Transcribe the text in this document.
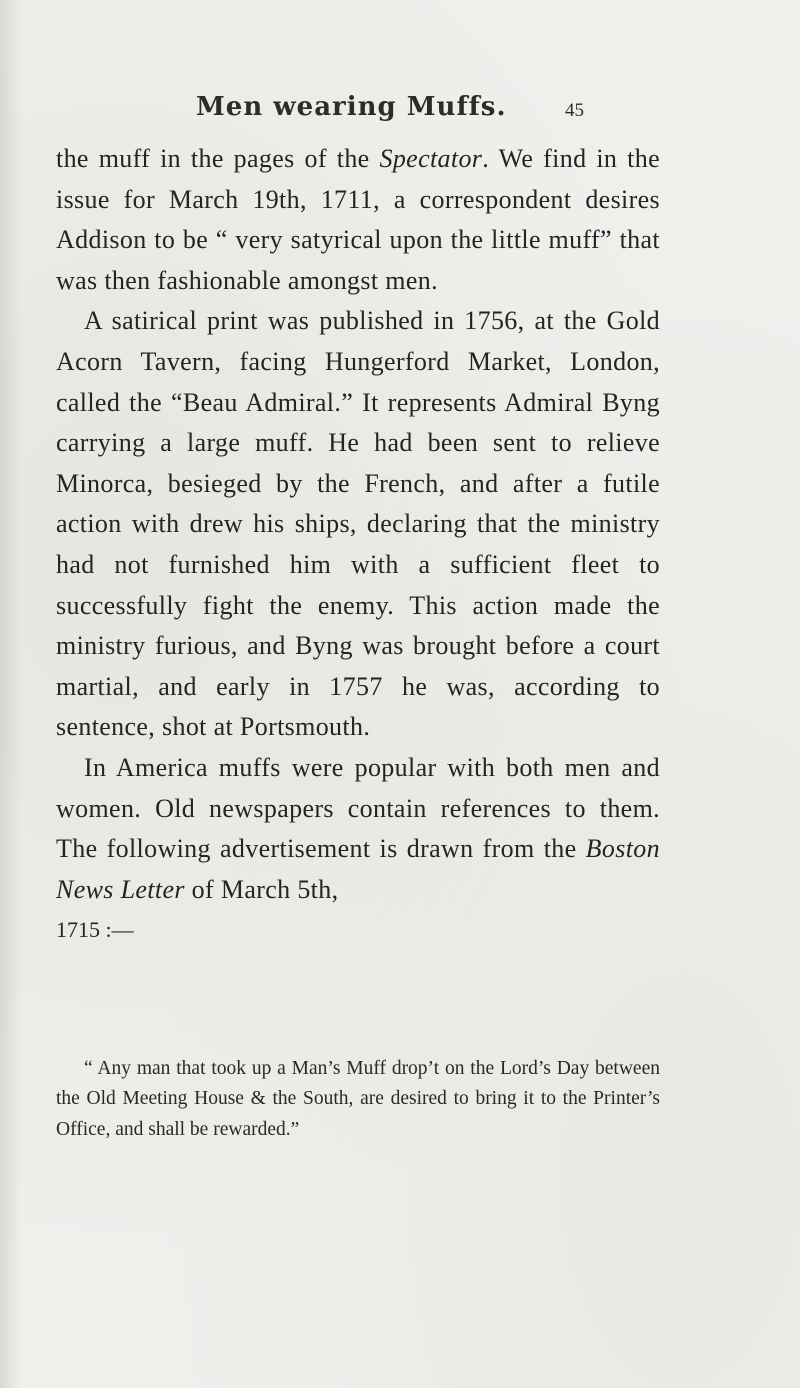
Men wearing Muffs.	45

the muff in the pages of the Spectator. We find in the issue for March 19th, 1711, a correspondent desires Addison to be “ very satyrical upon the little muff” that was then fashionable amongst men.

A satirical print was published in 1756, at the Gold Acorn Tavern, facing Hungerford Market, London, called the “Beau Admiral.” It represents Admiral Byng carrying a large muff. He had been sent to relieve Minorca, besieged by the French, and after a futile action with drew his ships, declaring that the ministry had not furnished him with a sufficient fleet to successfully fight the enemy. This action made the ministry furious, and Byng was brought before a court martial, and early in 1757 he was, according to sentence, shot at Portsmouth.

In America muffs were popular with both men and women. Old newspapers contain references to them. The following advertisement is drawn from the Boston News Letter of March 5th,

1715 :—

“ Any man that took up a Man’s Muff drop’t on the Lord’s Day between the Old Meeting House & the South, are desired to bring it to the Printer’s Office, and shall be rewarded.”
